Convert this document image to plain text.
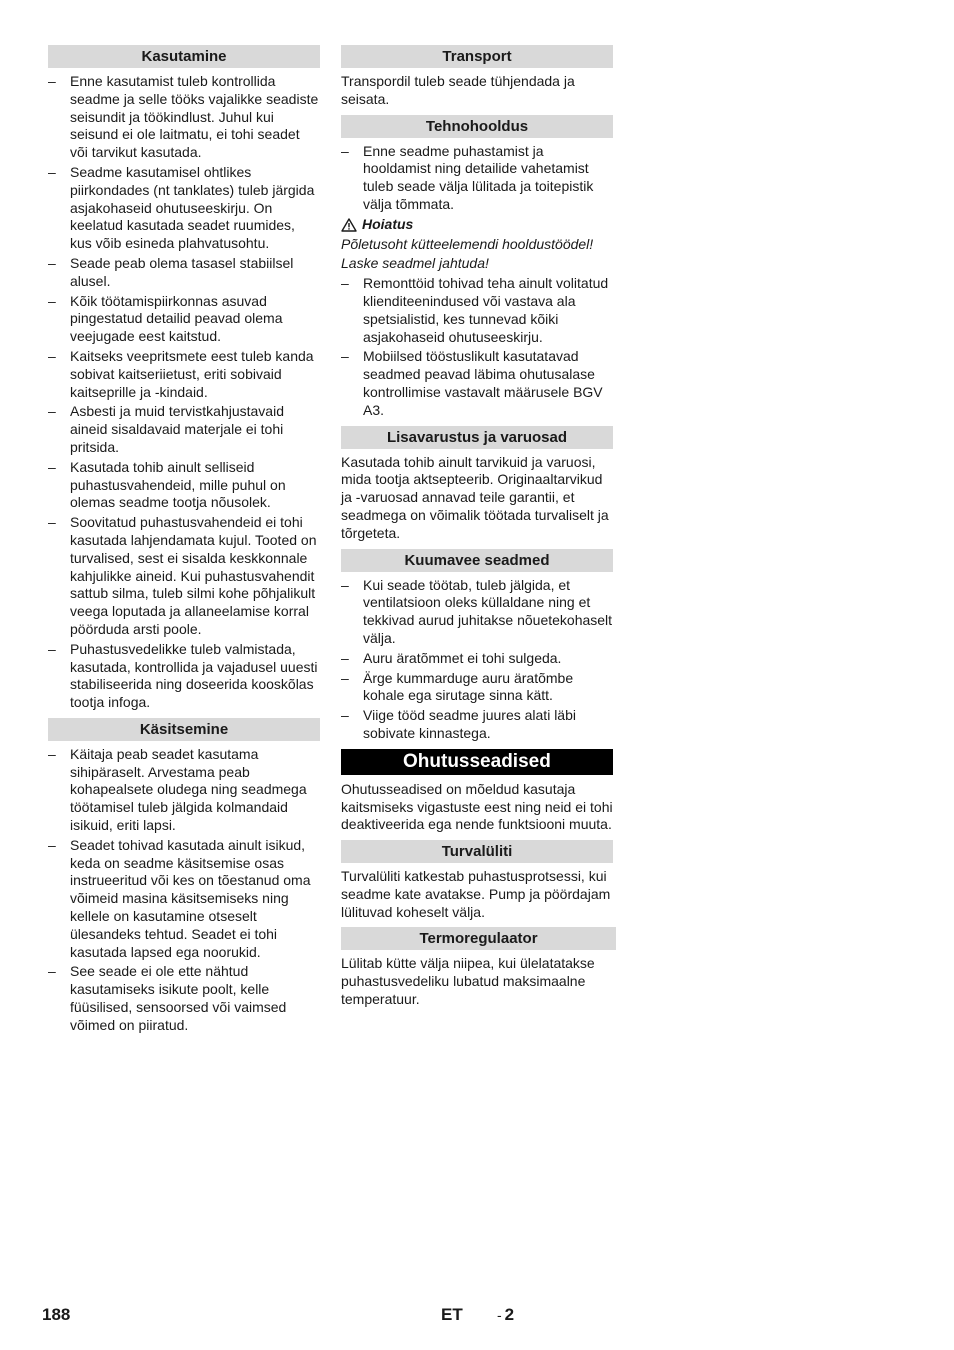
Kasutamine
– Enne kasutamist tuleb kontrollida seadme ja selle tööks vajalikke seadiste seisundit ja töökindlust. Juhul kui seisund ei ole laitmatu, ei tohi seadet või tarvikut kasutada.
– Seadme kasutamisel ohtlikes piirkondades (nt tanklates) tuleb järgida asjakohaseid ohutuseeskirju. On keelatud kasutada seadet ruumides, kus võib esineda plahvatusohtu.
– Seade peab olema tasasel stabiilsel alusel.
– Kõik töötamispiirkonnas asuvad pingestatud detailid peavad olema veejugade eest kaitstud.
– Kaitseks veepritsmete eest tuleb kanda sobivat kaitseriietust, eriti sobivaid kaitseprille ja -kindaid.
– Asbesti ja muid tervistkahjustavaid aineid sisaldavaid materjale ei tohi pritsida.
– Kasutada tohib ainult selliseid puhastusvahendeid, mille puhul on olemas seadme tootja nõusolek.
– Soovitatud puhastusvahendeid ei tohi kasutada lahjendamata kujul. Tooted on turvalised, sest ei sisalda keskkonnale kahjulikke aineid. Kui puhastusvahendit sattub silma, tuleb silmi kohe põhjalikult veega loputada ja allaneelamise korral pöörduda arsti poole.
– Puhastusvedelikke tuleb valmistada, kasutada, kontrollida ja vajadusel uuesti stabiliseerida ning doseerida kooskõlas tootja infoga.
Käsitsemine
– Käitaja peab seadet kasutama sihipäraselt. Arvestama peab kohapealsete oludega ning seadmega töötamisel tuleb jälgida kolmandaid isikuid, eriti lapsi.
– Seadet tohivad kasutada ainult isikud, keda on seadme käsitsemise osas instrueeritud või kes on tõestanud oma võimeid masina käsitsemiseks ning kellele on kasutamine otseselt ülesandeks tehtud. Seadet ei tohi kasutada lapsed ega noorukid.
– See seade ei ole ette nähtud kasutamiseks isikute poolt, kelle füüsilised, sensoorsed või vaimsed võimed on piiratud.
Transport

Transpordil tuleb seade tühjendada ja seisata.

Tehnohooldus
– Enne seadme puhastamist ja hooldamist ning detailide vahetamist tuleb seade välja lülitada ja toitepistik välja tõmmata.
Hoiatus
Põletusoht kütteelemendi hooldustöödel!
Laske seadmel jahtuda!
– Remonttöid tohivad teha ainult volitatud klienditeenindused või vastava ala spetsialistid, kes tunnevad kõiki asjakohaseid ohutuseeskirju.
– Mobiilsed tööstuslikult kasutatavad seadmed peavad läbima ohutusalase kontrollimise vastavalt määrusele BGV A3.
Lisavarustus ja varuosad

Kasutada tohib ainult tarvikuid ja varuosi, mida tootja aktsepteerib. Originaaltarvikud ja -varuosad annavad teile garantii, et seadmega on võimalik töötada turvaliselt ja tõrgeteta.

Kuumavee seadmed
– Kui seade töötab, tuleb jälgida, et ventilatsioon oleks küllaldane ning et tekkivad aurud juhitakse nõuetekohaselt välja.
– Auru äratõmmet ei tohi sulgeda.
– Ärge kummarduge auru äratõmbe kohale ega sirutage sinna kätt.
– Viige tööd seadme juures alati läbi sobivate kinnastega.
Ohutusseadised

Ohutusseadised on mõeldud kasutaja kaitsmiseks vigastuste eest ning neid ei tohi deaktiveerida ega nende funktsiooni muuta.

Turvalüliti

Turvalüliti katkestab puhastusprotsessi, kui seadme kate avatakse. Pump ja pöördajam lülituvad koheselt välja.

Termoregulaator

Lülitab kütte välja niipea, kui ülelatatakse puhastusvedeliku lubatud maksimaalne temperatuur.

188	ET - 2
